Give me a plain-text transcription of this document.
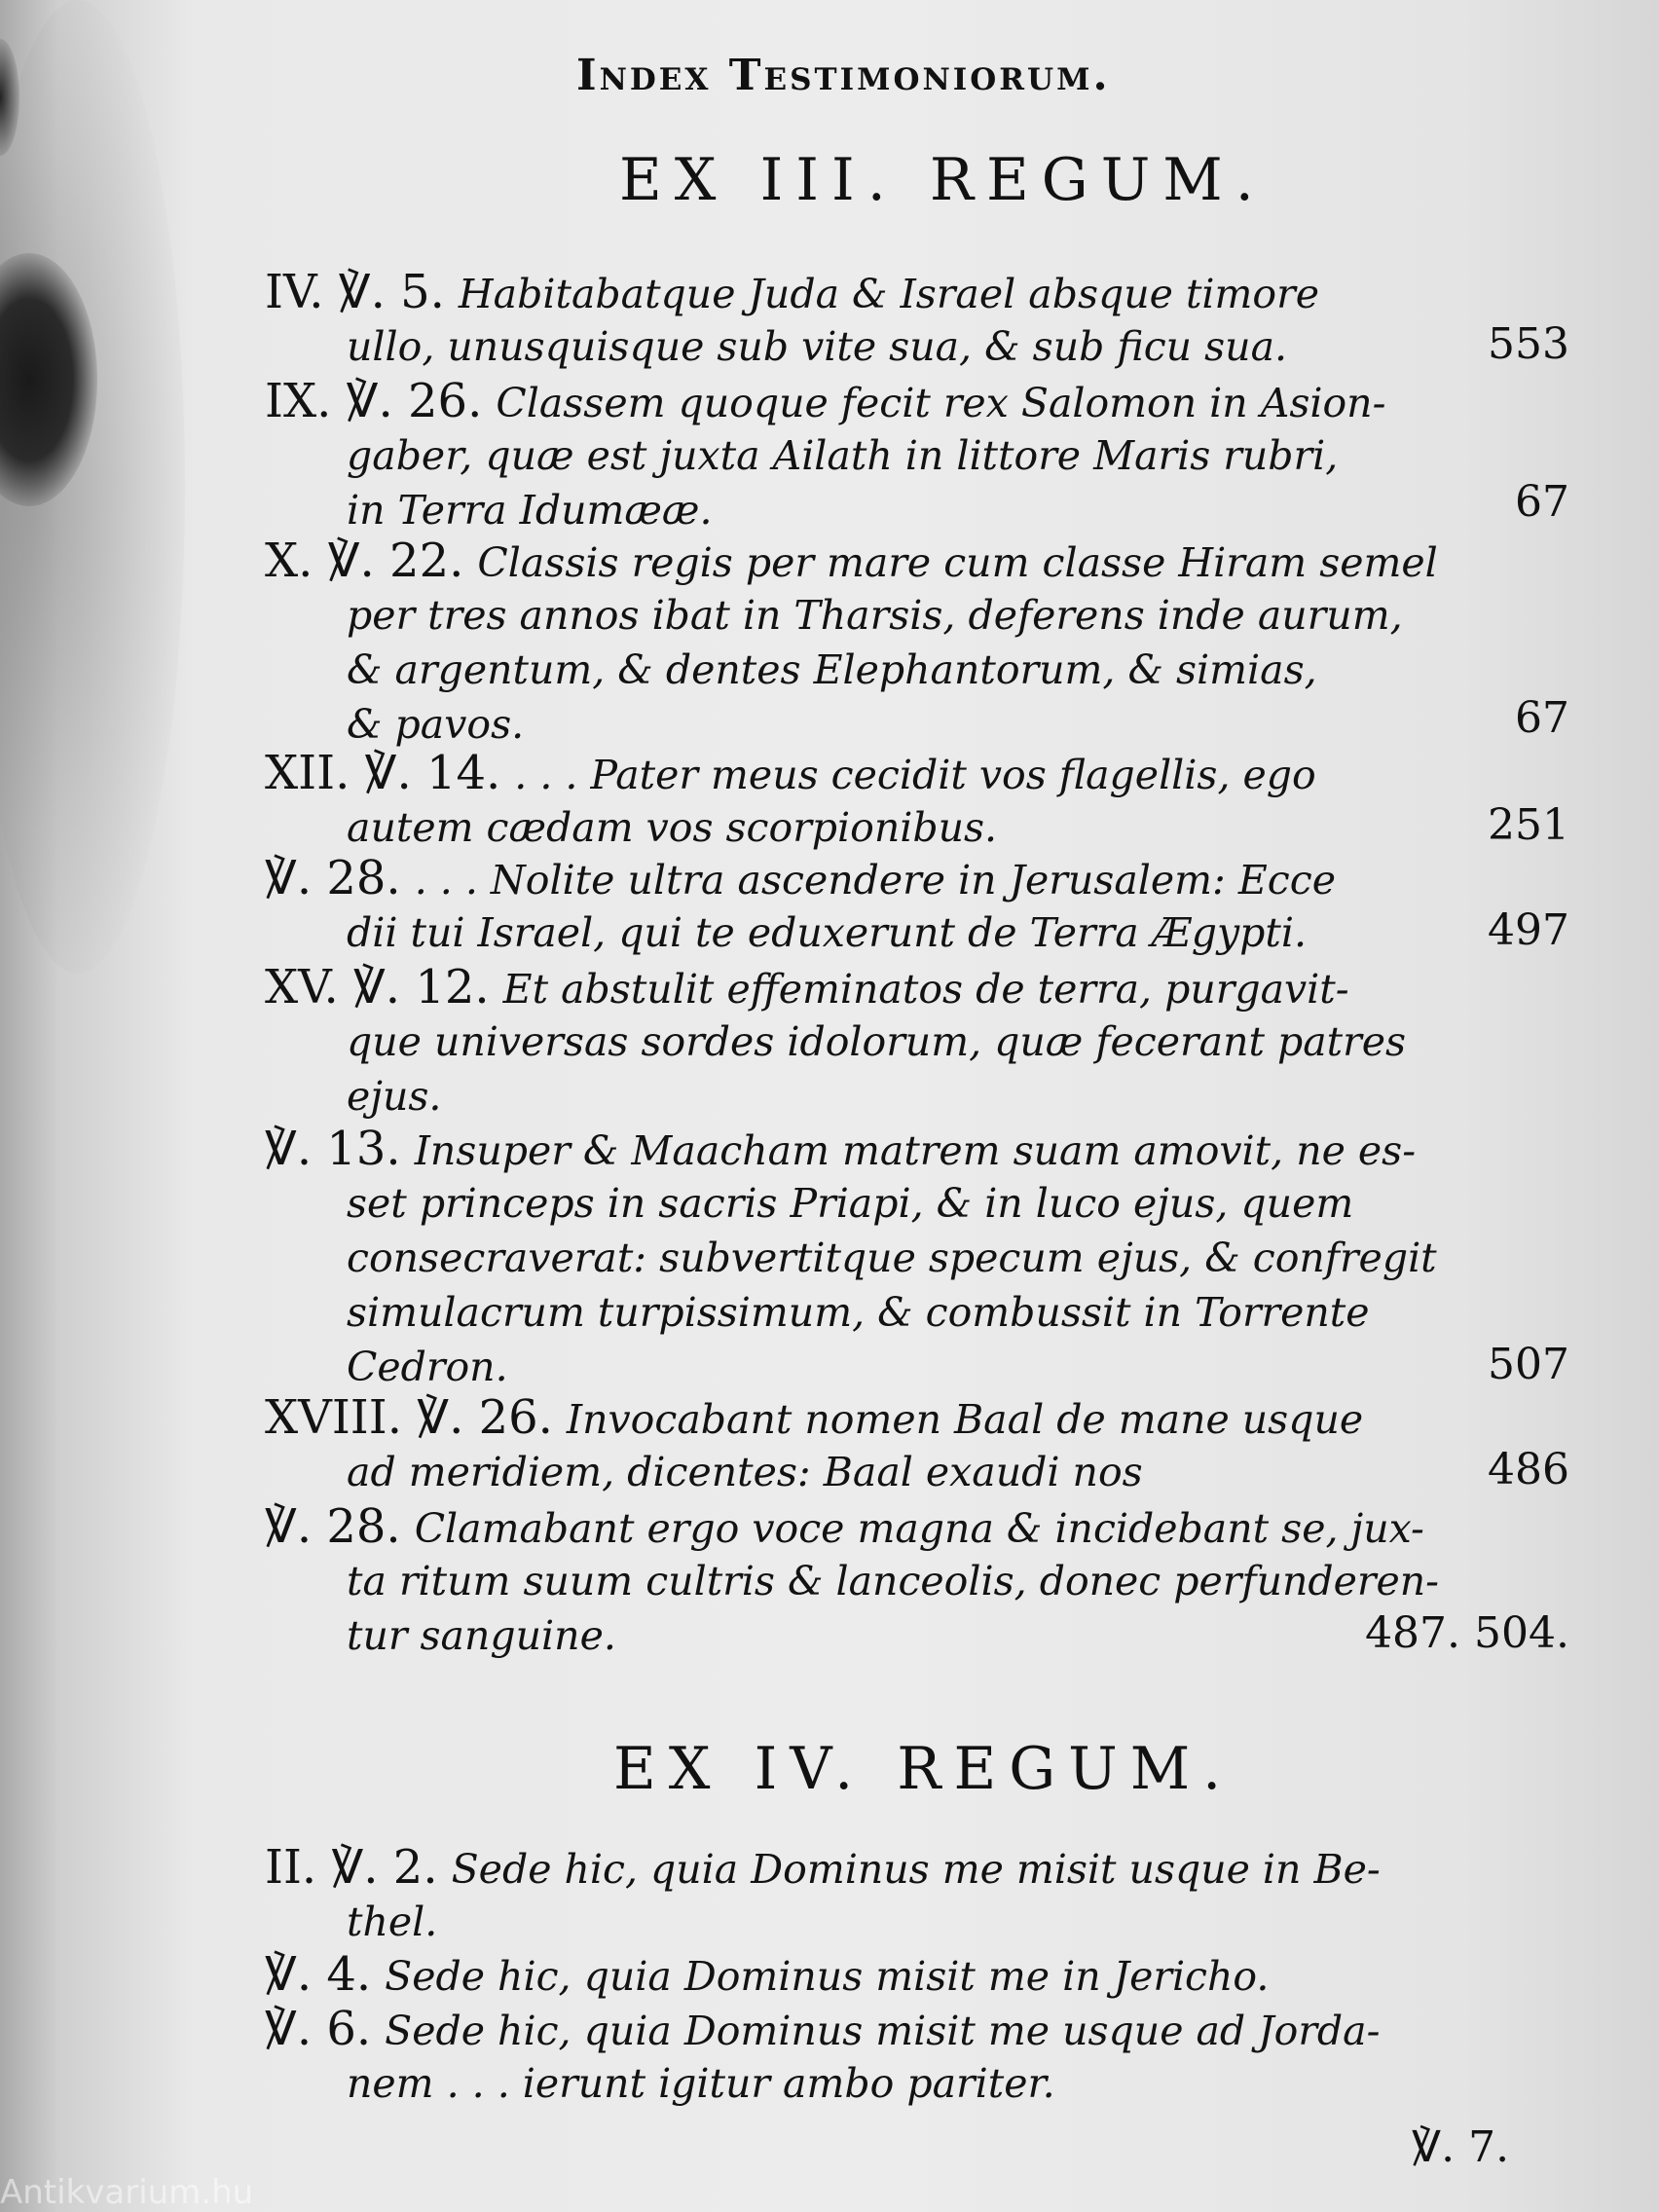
Index Testimoniorum.
EX III. REGUM.
IV. ℣. 5. Habitabatque Juda & Israel absque timore
ullo, unusquisque sub vite sua, & sub ficu sua.	553
IX. ℣. 26. Classem quoque fecit rex Salomon in Asion-
gaber, quæ est juxta Ailath in littore Maris rubri,
in Terra Idumææ.	67
X. ℣. 22. Classis regis per mare cum classe Hiram semel
per tres annos ibat in Tharsis, deferens inde aurum,
& argentum, & dentes Elephantorum, & simias,
& pavos.	67
XII. ℣. 14. . . . Pater meus cecidit vos flagellis, ego
autem cædam vos scorpionibus.	251
℣. 28. . . . Nolite ultra ascendere in Jerusalem: Ecce
dii tui Israel, qui te eduxerunt de Terra Ægypti.	497
XV. ℣. 12. Et abstulit effeminatos de terra, purgavit-
que universas sordes idolorum, quæ fecerant patres
ejus.
℣. 13. Insuper & Maacham matrem suam amovit, ne es-
set princeps in sacris Priapi, & in luco ejus, quem
consecraverat: subvertitque specum ejus, & confregit
simulacrum turpissimum, & combussit in Torrente
Cedron.	507
XVIII. ℣. 26. Invocabant nomen Baal de mane usque
ad meridiem, dicentes: Baal exaudi nos	486
℣. 28. Clamabant ergo voce magna & incidebant se, jux-
ta ritum suum cultris & lanceolis, donec perfunderen-
tur sanguine.	487. 504.
EX IV. REGUM.
II. ℣. 2. Sede hic, quia Dominus me misit usque in Be-
thel.
℣. 4. Sede hic, quia Dominus misit me in Jericho.
℣. 6. Sede hic, quia Dominus misit me usque ad Jorda-
nem . . . ierunt igitur ambo pariter.
℣. 7.
Antikvarium.hu
